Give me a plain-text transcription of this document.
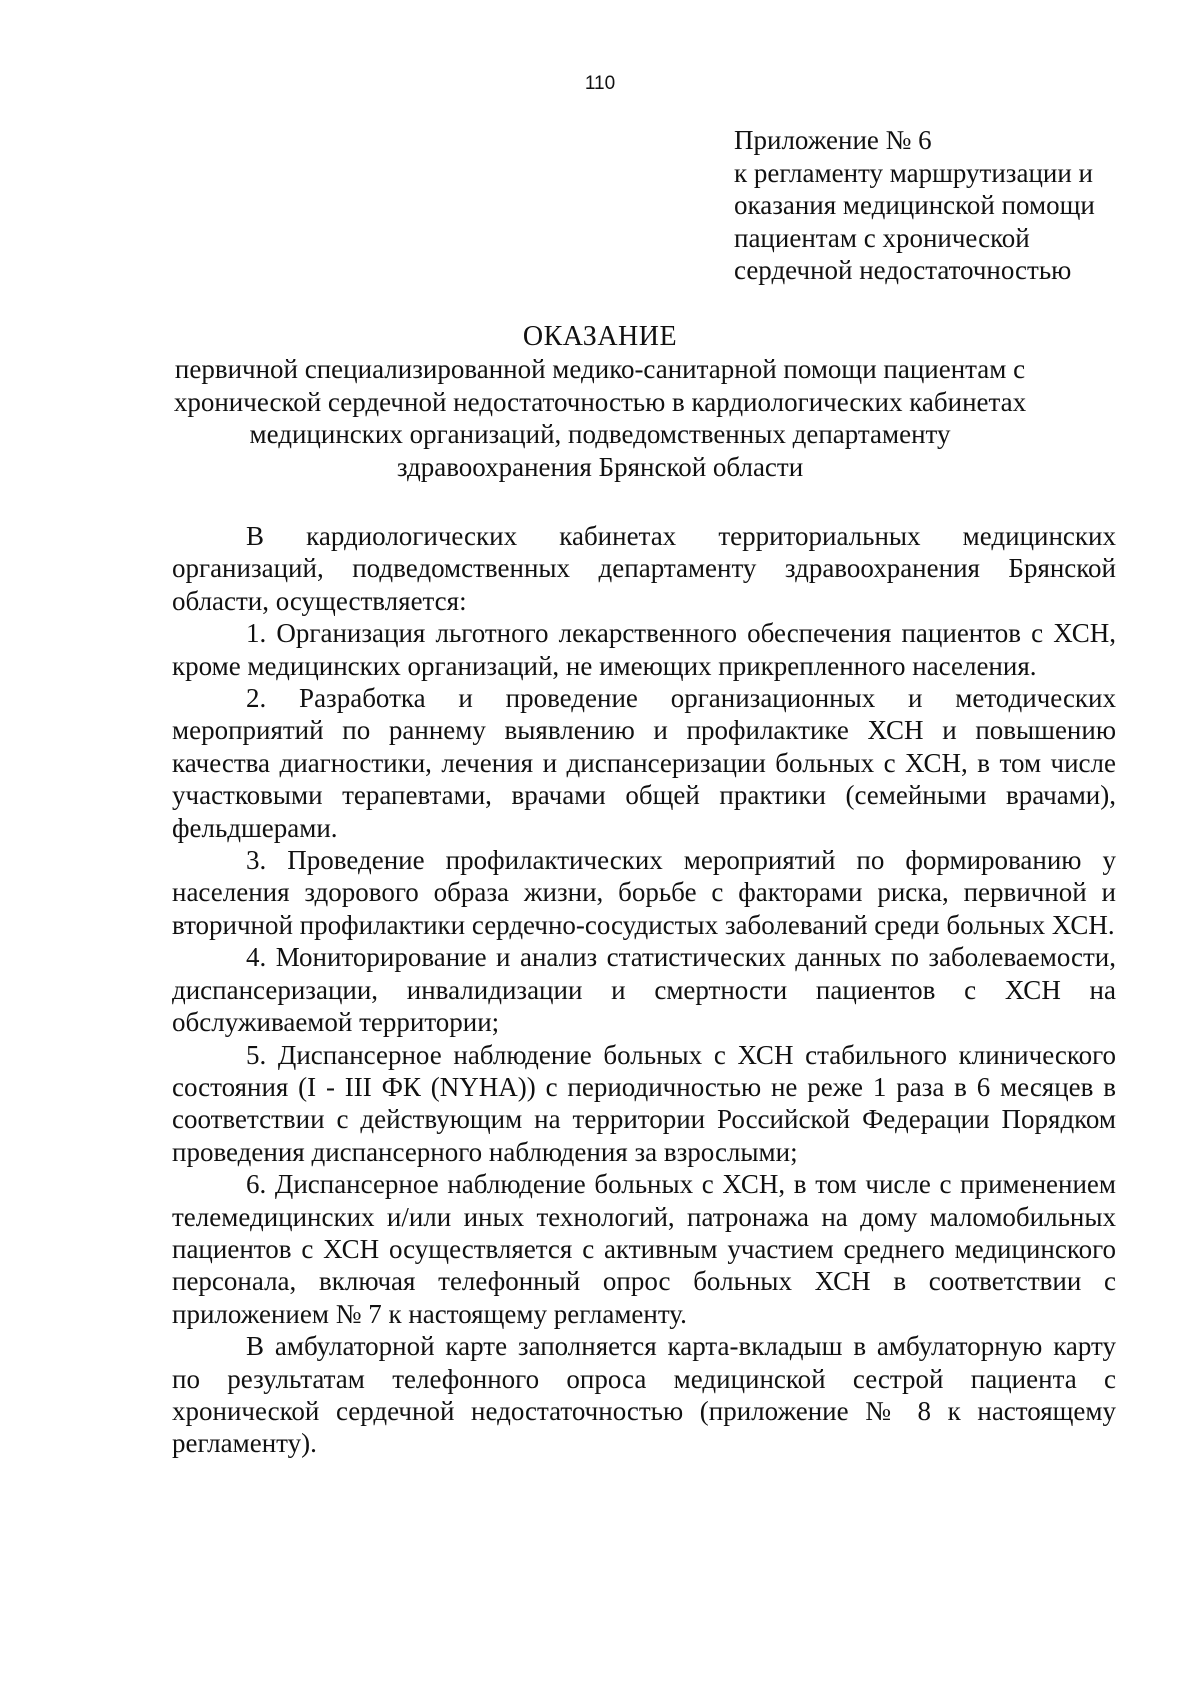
110
Приложение № 6
к регламенту маршрутизации и
оказания медицинской помощи
пациентам с хронической
сердечной недостаточностью
ОКАЗАНИЕ
первичной специализированной медико-санитарной помощи пациентам с
хронической сердечной недостаточностью в кардиологических кабинетах
медицинских организаций, подведомственных департаменту
здравоохранения Брянской области

В кардиологических кабинетах территориальных медицинских организаций, подведомственных департаменту здравоохранения Брянской области, осуществляется:

1. Организация льготного лекарственного обеспечения пациентов с ХСН, кроме медицинских организаций, не имеющих прикрепленного населения.

2. Разработка и проведение организационных и методических мероприятий по раннему выявлению и профилактике ХСН и повышению качества диагностики, лечения и диспансеризации больных с ХСН, в том числе участковыми терапевтами, врачами общей практики (семейными врачами), фельдшерами.

3. Проведение профилактических мероприятий по формированию у населения здорового образа жизни, борьбе с факторами риска, первичной и вторичной профилактики сердечно-сосудистых заболеваний среди больных ХСН.

4. Мониторирование и анализ статистических данных по заболеваемости, диспансеризации, инвалидизации и смертности пациентов с ХСН на обслуживаемой территории;

5. Диспансерное наблюдение больных с ХСН стабильного клинического состояния (I - III ФК (NYHA)) с периодичностью не реже 1 раза в 6 месяцев в соответствии с действующим на территории Российской Федерации Порядком проведения диспансерного наблюдения за взрослыми;

6. Диспансерное наблюдение больных с ХСН, в том числе с применением телемедицинских и/или иных технологий, патронажа на дому маломобильных пациентов с ХСН осуществляется с активным участием среднего медицинского персонала, включая телефонный опрос больных ХСН в соответствии с приложением № 7 к настоящему регламенту.

В амбулаторной карте заполняется карта-вкладыш в амбулаторную карту по результатам телефонного опроса медицинской сестрой пациента с хронической сердечной недостаточностью (приложение № 8 к настоящему регламенту).
